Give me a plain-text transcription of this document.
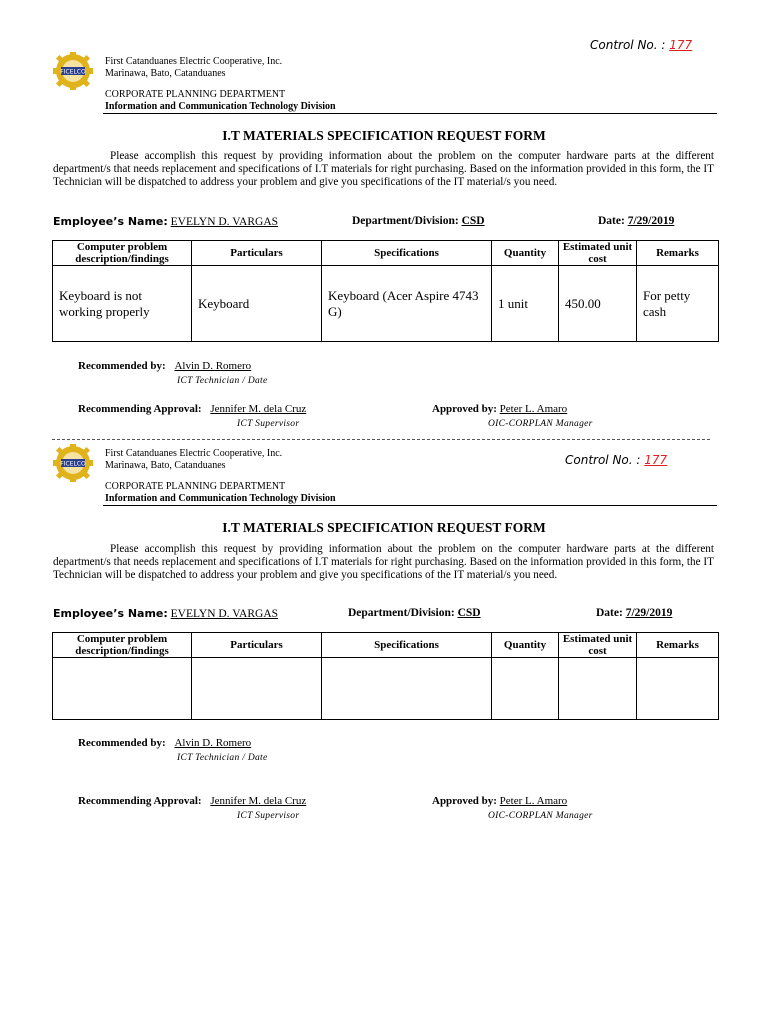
Control No. : 177
FICELCO
First Catanduanes Electric Cooperative, Inc.
Marinawa, Bato, Catanduanes
CORPORATE PLANNING DEPARTMENT
Information and Communication Technology Division
I.T MATERIALS SPECIFICATION REQUEST FORM
Please accomplish this request by providing information about the problem on the computer hardware parts at the different department/s that needs replacement and specifications of I.T materials for right purchasing. Based on the information provided in this form, the IT Technician will be dispatched to address your problem and give you specifications of the IT material/s you need.
Employee’s Name: EVELYN D. VARGAS	Department/Division: CSD	Date: 7/29/2019
Computer problem description/findings	Particulars	Specifications	Quantity	Estimated unit cost	Remarks
Keyboard is not working properly	Keyboard	Keyboard (Acer Aspire 4743 G)	1 unit	450.00	For petty cash
Recommended by: Alvin D. Romero
ICT Technician / Date
Recommending Approval: Jennifer M. dela Cruz
ICT Supervisor
Approved by: Peter L. Amaro
OIC-CORPLAN Manager
FICELCO
First Catanduanes Electric Cooperative, Inc.
Marinawa, Bato, Catanduanes	Control No. : 177
CORPORATE PLANNING DEPARTMENT
Information and Communication Technology Division
I.T MATERIALS SPECIFICATION REQUEST FORM
Please accomplish this request by providing information about the problem on the computer hardware parts at the different department/s that needs replacement and specifications of I.T materials for right purchasing. Based on the information provided in this form, the IT Technician will be dispatched to address your problem and give you specifications of the IT material/s you need.
Employee’s Name: EVELYN D. VARGAS	Department/Division: CSD	Date: 7/29/2019
Computer problem description/findings	Particulars	Specifications	Quantity	Estimated unit cost	Remarks

Recommended by: Alvin D. Romero
ICT Technician / Date
Recommending Approval: Jennifer M. dela Cruz
ICT Supervisor
Approved by: Peter L. Amaro
OIC-CORPLAN Manager
